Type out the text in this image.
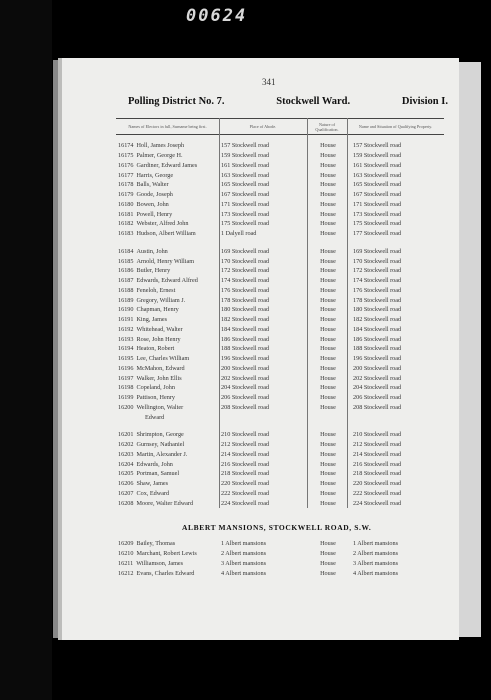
00624
341
Polling District No. 7.	Stockwell Ward.	Division I.
Names of Electors in full, Surname being first.	Place of Abode.	Nature of Qualification.	Name and Situation of Qualifying Property.
16174 Holl, James Joseph	157 Stockwell road	House	157 Stockwell road
16175 Palmer, George H.	159 Stockwell road	House	159 Stockwell road
16176 Gardiner, Edward James	161 Stockwell road	House	161 Stockwell road
16177 Harris, George	163 Stockwell road	House	163 Stockwell road
16178 Balls, Walter	165 Stockwell road	House	165 Stockwell road
16179 Goode, Joseph	167 Stockwell road	House	167 Stockwell road
16180 Bowen, John	171 Stockwell road	House	171 Stockwell road
16181 Powell, Henry	173 Stockwell road	House	173 Stockwell road
16182 Webster, Alfred John	175 Stockwell road	House	175 Stockwell road
16183 Hudson, Albert William	1 Dalyell road	House	177 Stockwell road
16184 Austin, John	169 Stockwell road	House	169 Stockwell road
16185 Arnold, Henry William	170 Stockwell road	House	170 Stockwell road
16186 Butler, Henry	172 Stockwell road	House	172 Stockwell road
16187 Edwards, Edward Alfred	174 Stockwell road	House	174 Stockwell road
16188 Feneloh, Ernest	176 Stockwell road	House	176 Stockwell road
16189 Gregory, William J.	178 Stockwell road	House	178 Stockwell road
16190 Chapman, Henry	180 Stockwell road	House	180 Stockwell road
16191 King, James	182 Stockwell road	House	182 Stockwell road
16192 Whitehead, Walter	184 Stockwell road	House	184 Stockwell road
16193 Rose, John Henry	186 Stockwell road	House	186 Stockwell road
16194 Heaton, Robert	188 Stockwell road	House	188 Stockwell road
16195 Lee, Charles William	196 Stockwell road	House	196 Stockwell road
16196 McMahon, Edward	200 Stockwell road	House	200 Stockwell road
16197 Walker, John Ellis	202 Stockwell road	House	202 Stockwell road
16198 Copeland, John	204 Stockwell road	House	204 Stockwell road
16199 Pattison, Henry	206 Stockwell road	House	206 Stockwell road
16200 Wellington, Walter	208 Stockwell road	House	208 Stockwell road
Edward
16201 Shrimpton, George	210 Stockwell road	House	210 Stockwell road
16202 Gurnsey, Nathaniel	212 Stockwell road	House	212 Stockwell road
16203 Martin, Alexander J.	214 Stockwell road	House	214 Stockwell road
16204 Edwards, John	216 Stockwell road	House	216 Stockwell road
16205 Portman, Samuel	218 Stockwell road	House	218 Stockwell road
16206 Shaw, James	220 Stockwell road	House	220 Stockwell road
16207 Cox, Edward	222 Stockwell road	House	222 Stockwell road
16208 Moore, Walter Edward	224 Stockwell road	House	224 Stockwell road
ALBERT MANSIONS, STOCKWELL ROAD, S.W.
16209 Bailey, Thomas	1 Albert mansions	House	1 Albert mansions
16210 Marchant, Robert Lewis	2 Albert mansions	House	2 Albert mansions
16211 Williamson, James	3 Albert mansions	House	3 Albert mansions
16212 Evans, Charles Edward	4 Albert mansions	House	4 Albert mansions
